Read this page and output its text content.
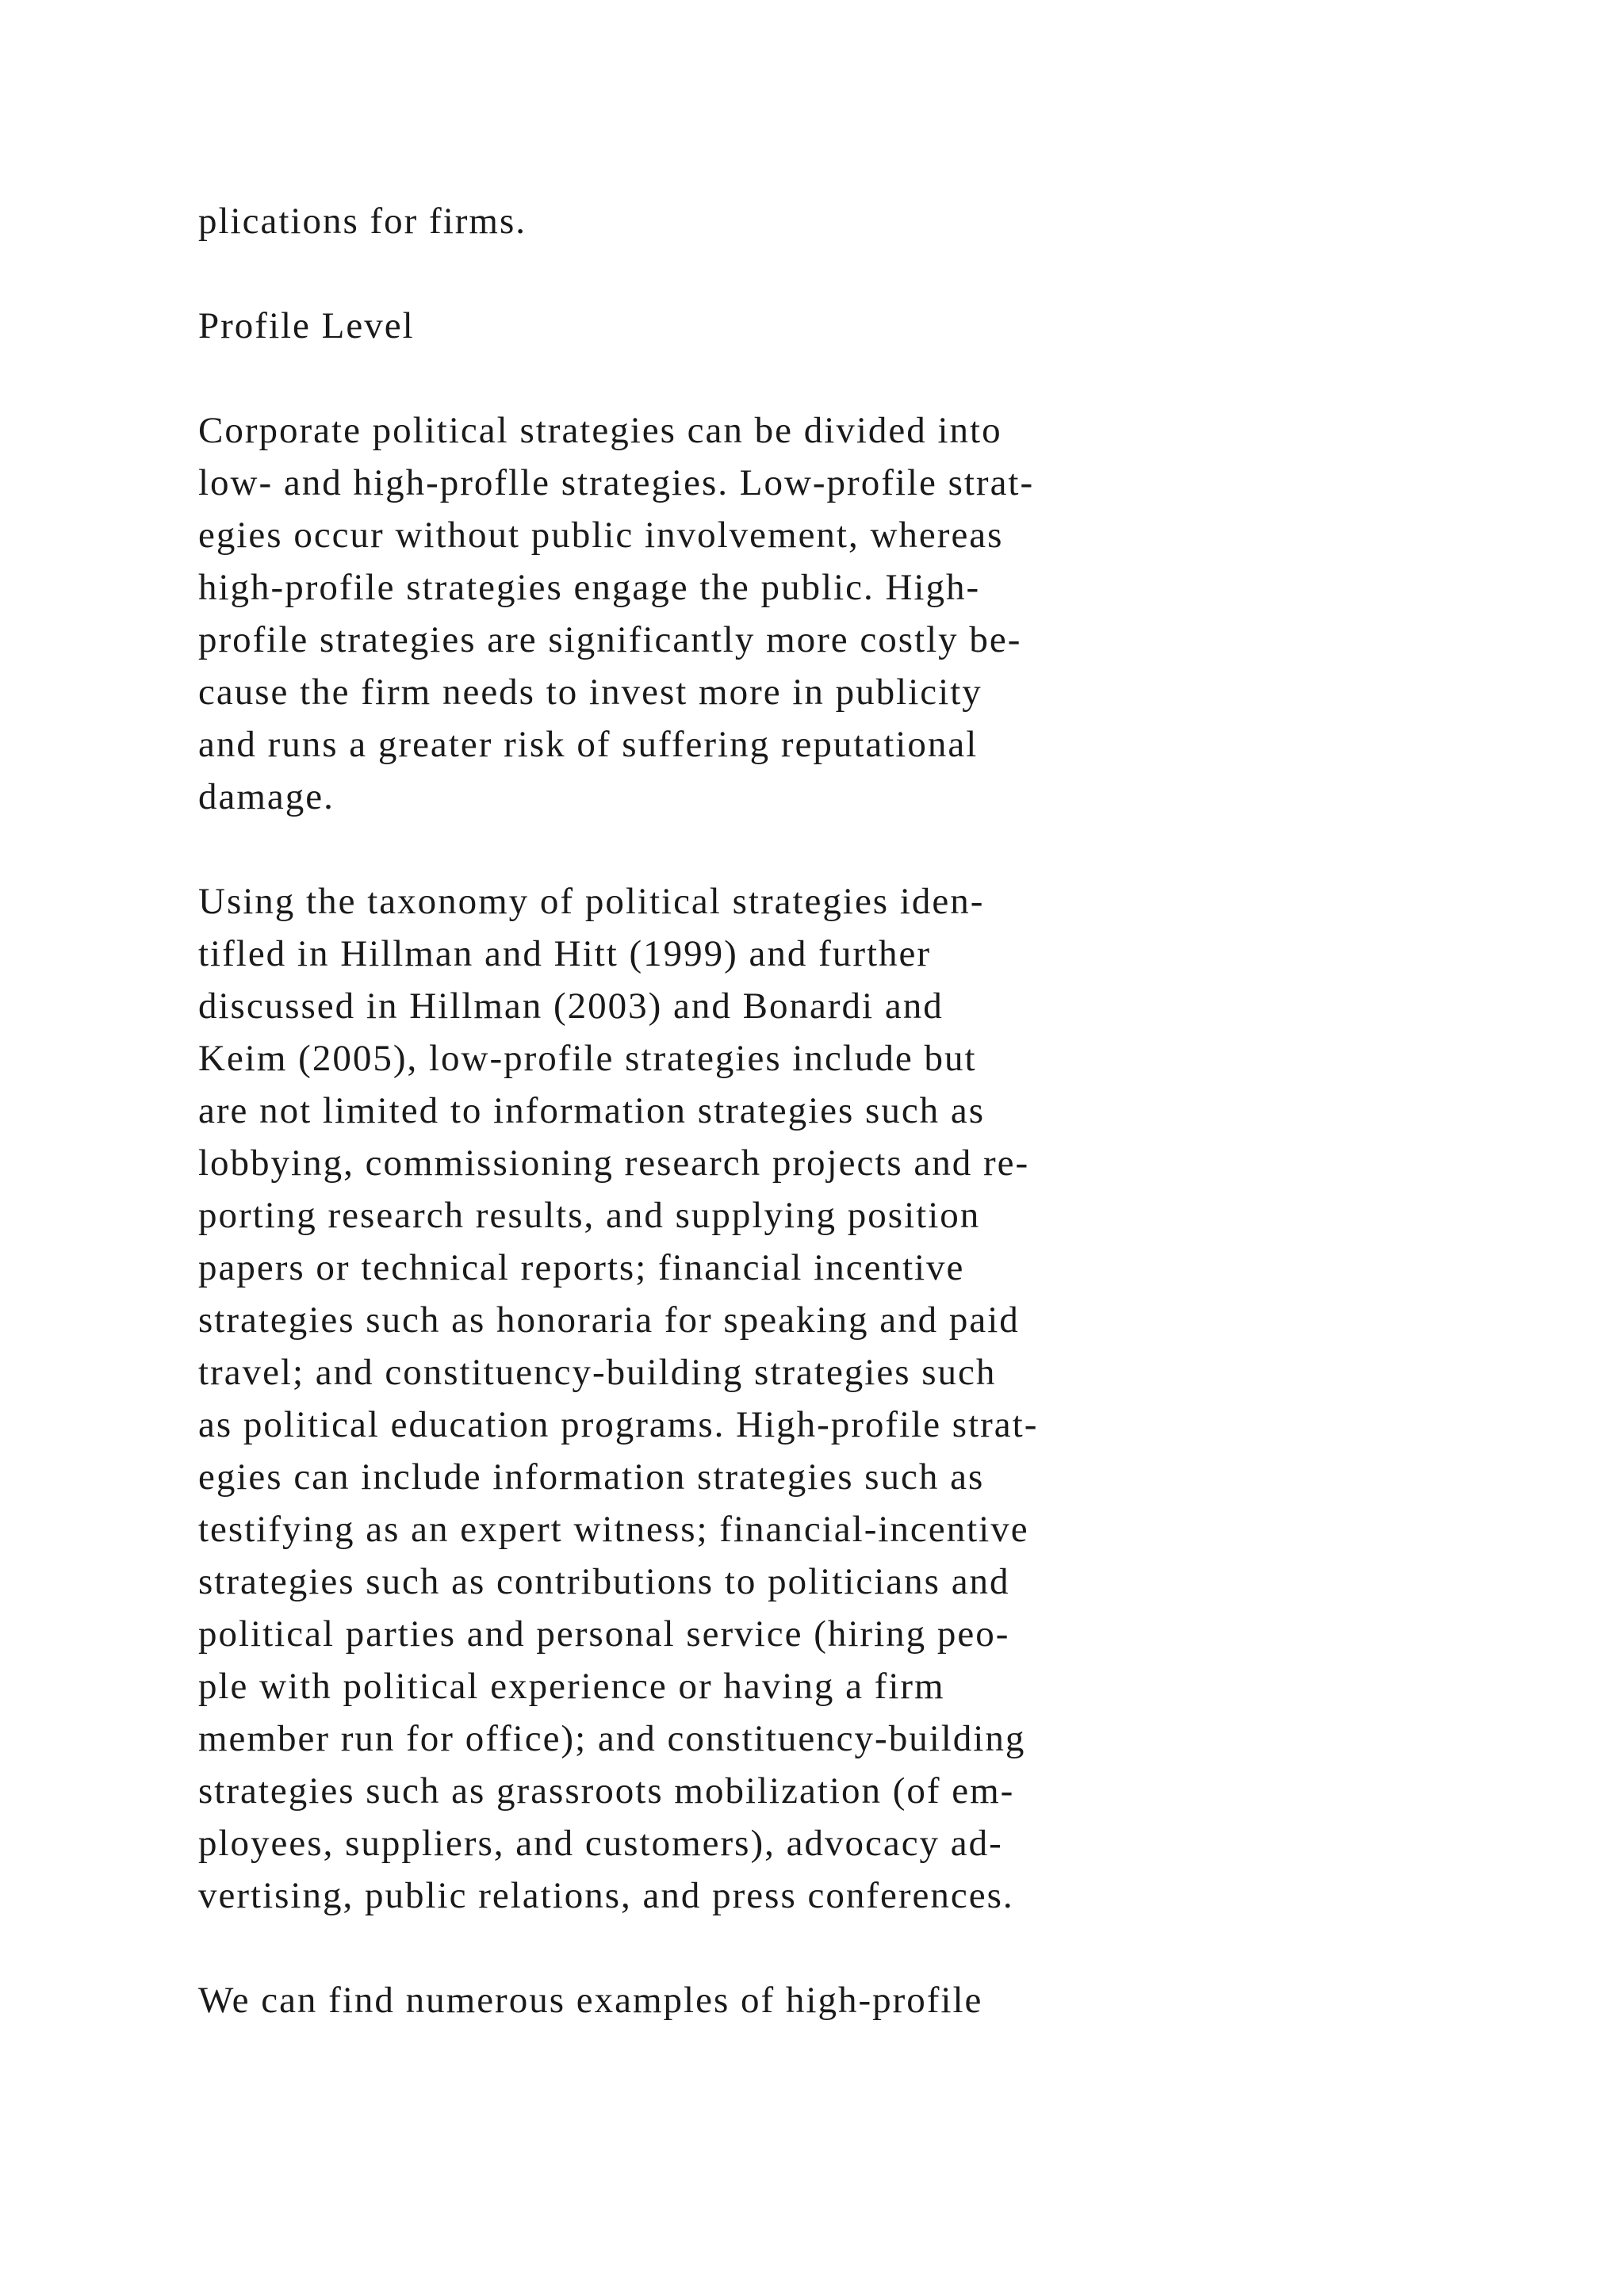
plications for firms.
Profile Level
Corporate political strategies can be divided into
low- and high-proflle strategies. Low-profile strat-
egies occur without public involvement, whereas
high-profile strategies engage the public. High-
profile strategies are significantly more costly be-
cause the firm needs to invest more in publicity
and runs a greater risk of suffering reputational
damage.
Using the taxonomy of political strategies iden-
tifled in Hillman and Hitt (1999) and further
discussed in Hillman (2003) and Bonardi and
Keim (2005), low-profile strategies include but
are not limited to information strategies such as
lobbying, commissioning research projects and re-
porting research results, and supplying position
papers or technical reports; financial incentive
strategies such as honoraria for speaking and paid
travel; and constituency-building strategies such
as political education programs. High-profile strat-
egies can include information strategies such as
testifying as an expert witness; financial-incentive
strategies such as contributions to politicians and
political parties and personal service (hiring peo-
ple with political experience or having a firm
member run for office); and constituency-building
strategies such as grassroots mobilization (of em-
ployees, suppliers, and customers), advocacy ad-
vertising, public relations, and press conferences.
We can find numerous examples of high-profile
